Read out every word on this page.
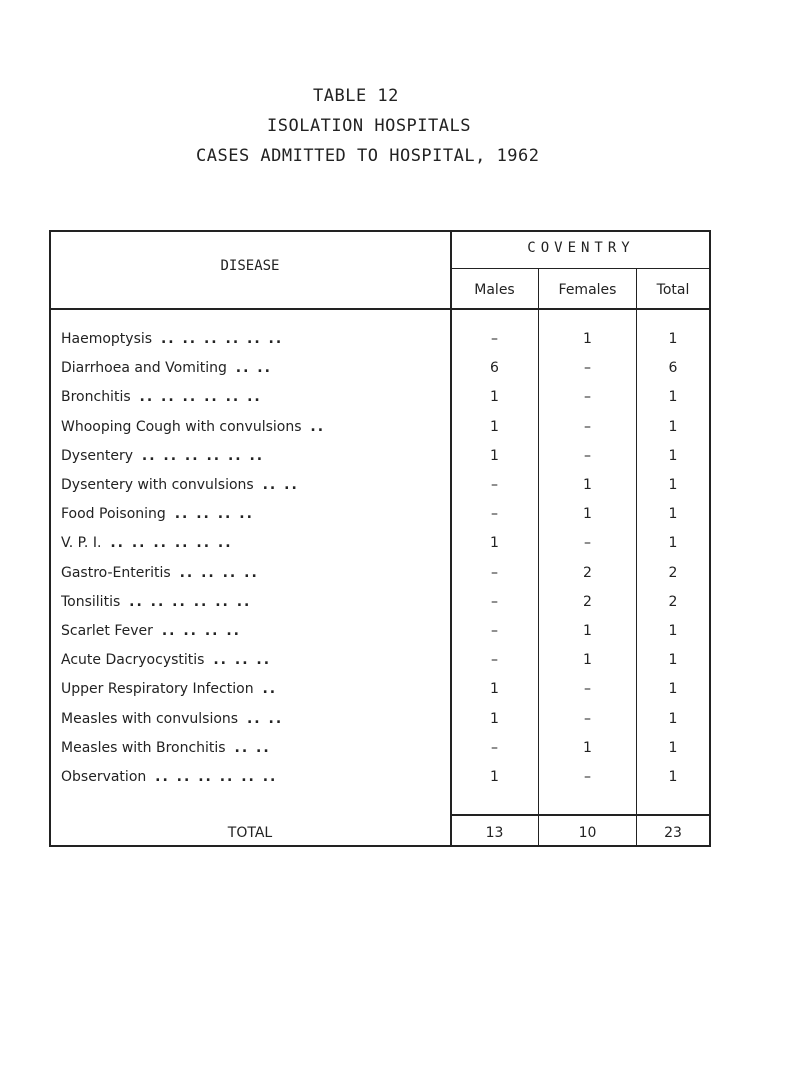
TABLE 12
ISOLATION HOSPITALS
CASES ADMITTED TO HOSPITAL, 1962
DISEASE
COVENTRY
Males	Females	Total
Haemoptysis .. .. .. .. .. ..	–	1	1
Diarrhoea and Vomiting .. ..	6	–	6
Bronchitis .. .. .. .. .. ..	1	–	1
Whooping Cough with convulsions ..	1	–	1
Dysentery .. .. .. .. .. ..	1	–	1
Dysentery with convulsions .. ..	–	1	1
Food Poisoning .. .. .. ..	–	1	1
V. P. I. .. .. .. .. .. ..	1	–	1
Gastro-Enteritis .. .. .. ..	–	2	2
Tonsilitis .. .. .. .. .. ..	–	2	2
Scarlet Fever .. .. .. ..	–	1	1
Acute Dacryocystitis .. .. ..	–	1	1
Upper Respiratory Infection ..	1	–	1
Measles with convulsions .. ..	1	–	1
Measles with Bronchitis .. ..	–	1	1
Observation .. .. .. .. .. ..	1	–	1
TOTAL	13	10	23
